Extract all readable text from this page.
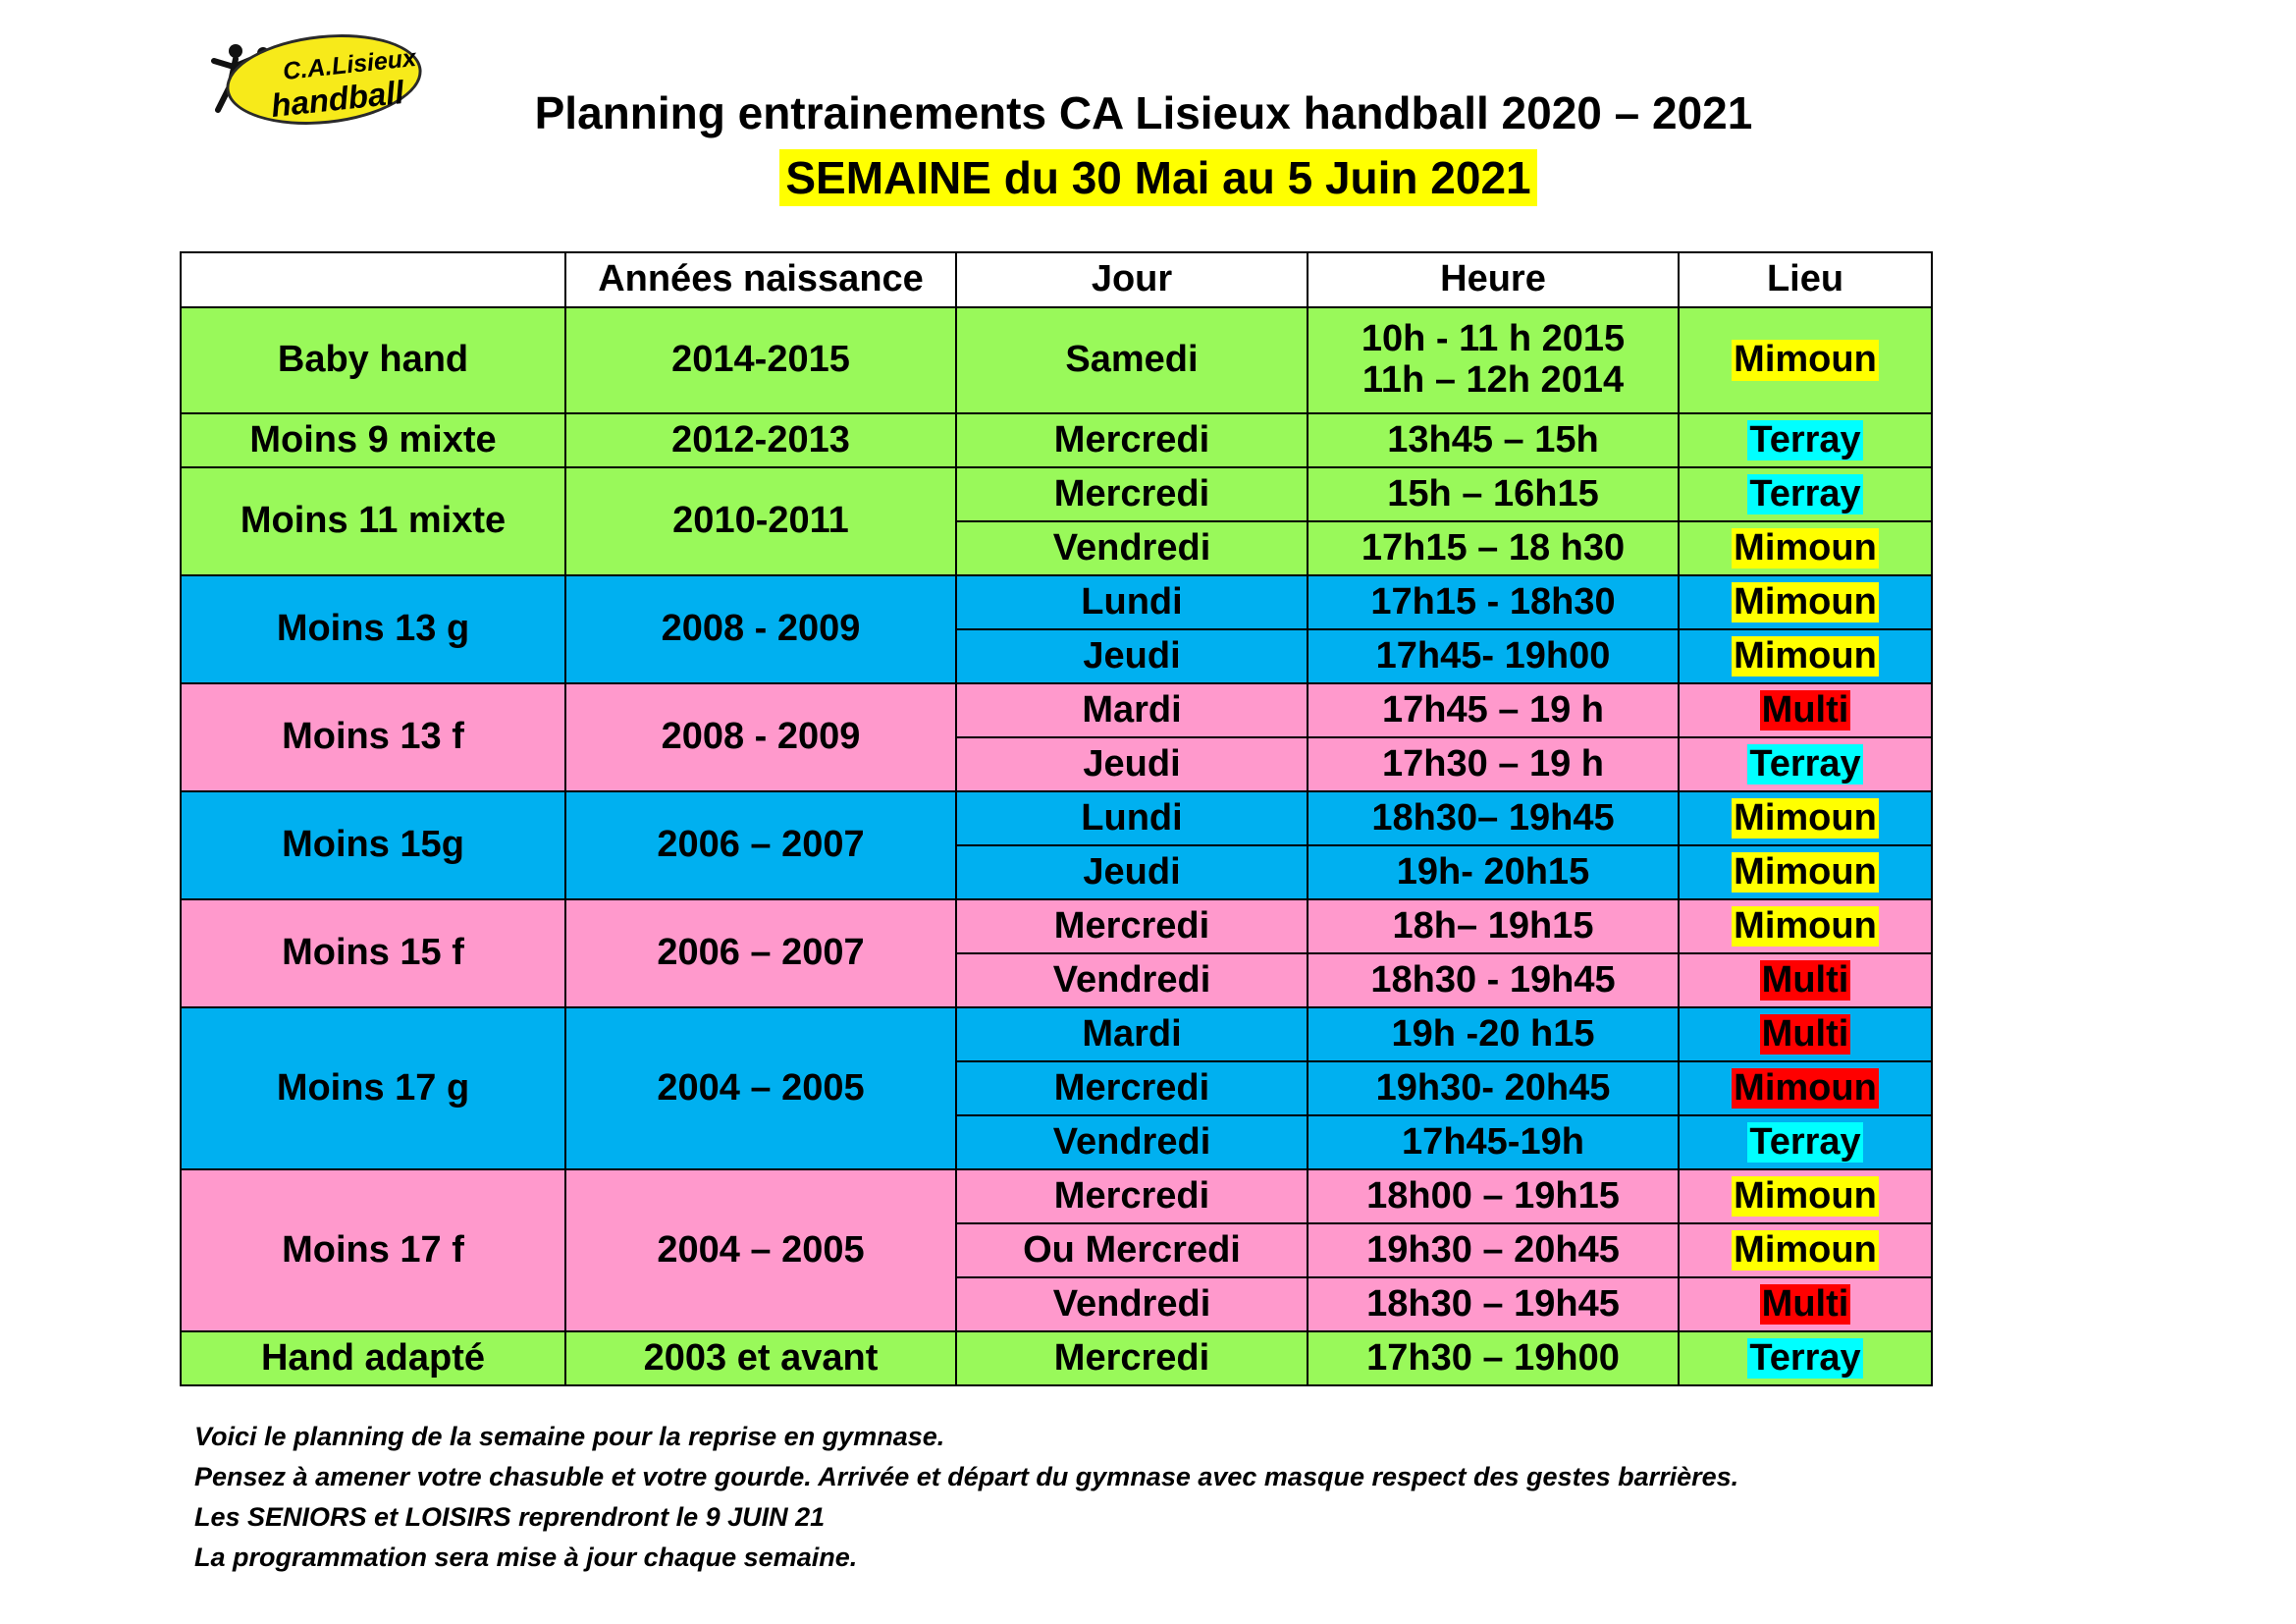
C.A.Lisieux
handball	Planning entrainements CA Lisieux handball 2020 – 2021
SEMAINE du 30 Mai au 5 Juin 2021
	Années naissance	Jour	Heure	Lieu
Baby hand	2014-2015	Samedi	10h - 11 h 2015
11h – 12h 2014	Mimoun
Moins 9 mixte	2012-2013	Mercredi	13h45 – 15h	Terray
Moins 11 mixte	2010-2011	Mercredi	15h – 16h15	Terray
		Vendredi	17h15 – 18 h30	Mimoun
Moins 13 g	2008 - 2009	Lundi	17h15 - 18h30	Mimoun
		Jeudi	17h45- 19h00	Mimoun
Moins 13 f	2008 - 2009	Mardi	17h45 – 19 h	Multi
		Jeudi	17h30 – 19 h	Terray
Moins 15g	2006 – 2007	Lundi	18h30– 19h45	Mimoun
		Jeudi	19h- 20h15	Mimoun
Moins 15 f	2006 – 2007	Mercredi	18h– 19h15	Mimoun
		Vendredi	18h30 - 19h45	Multi
Moins 17 g	2004 – 2005	Mardi	19h -20 h15	Multi
		Mercredi	19h30- 20h45	Mimoun
		Vendredi	17h45-19h	Terray
Moins 17 f	2004 – 2005	Mercredi	18h00 – 19h15	Mimoun
		Ou Mercredi	19h30 – 20h45	Mimoun
		Vendredi	18h30 – 19h45	Multi
Hand adapté	2003 et avant	Mercredi	17h30 – 19h00	Terray

Voici le planning de la semaine pour la reprise en gymnase.

Pensez à amener votre chasuble et votre gourde. Arrivée et départ du gymnase avec masque respect des gestes barrières.

Les SENIORS et LOISIRS reprendront le 9 JUIN 21

La programmation sera mise à jour chaque semaine.
